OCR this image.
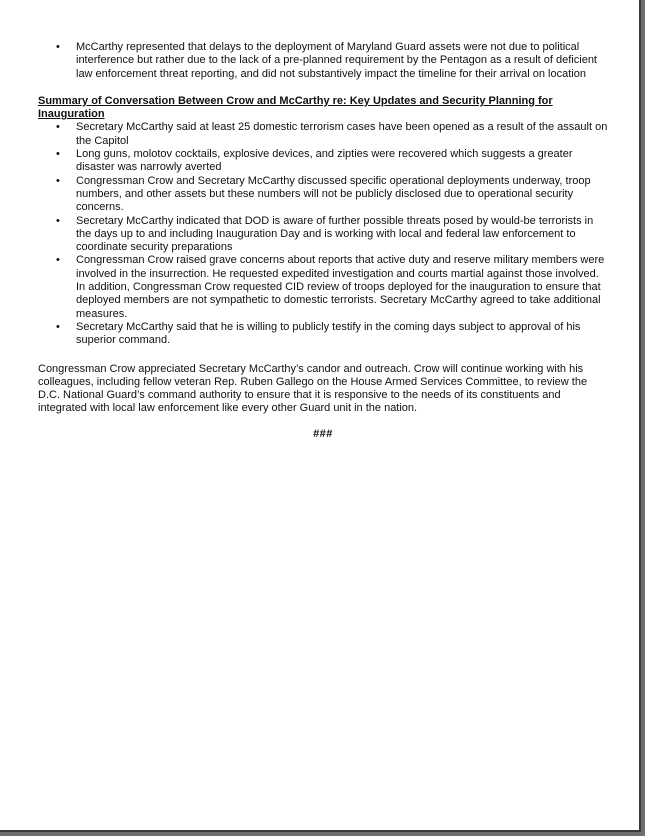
• McCarthy represented that delays to the deployment of Maryland Guard assets were not due to political interference but rather due to the lack of a pre-planned requirement by the Pentagon as a result of deficient law enforcement threat reporting, and did not substantively impact the timeline for their arrival on location
Summary of Conversation Between Crow and McCarthy re: Key Updates and Security Planning for Inauguration
• Secretary McCarthy said at least 25 domestic terrorism cases have been opened as a result of the assault on the Capitol
• Long guns, molotov cocktails, explosive devices, and zipties were recovered which suggests a greater disaster was narrowly averted
• Congressman Crow and Secretary McCarthy discussed specific operational deployments underway, troop numbers, and other assets but these numbers will not be publicly disclosed due to operational security concerns.
• Secretary McCarthy indicated that DOD is aware of further possible threats posed by would-be terrorists in the days up to and including Inauguration Day and is working with local and federal law enforcement to coordinate security preparations
• Congressman Crow raised grave concerns about reports that active duty and reserve military members were involved in the insurrection. He requested expedited investigation and courts martial against those involved. In addition, Congressman Crow requested CID review of troops deployed for the inauguration to ensure that deployed members are not sympathetic to domestic terrorists. Secretary McCarthy agreed to take additional measures.
• Secretary McCarthy said that he is willing to publicly testify in the coming days subject to approval of his superior command.

Congressman Crow appreciated Secretary McCarthy’s candor and outreach. Crow will continue working with his colleagues, including fellow veteran Rep. Ruben Gallego on the House Armed Services Committee, to review the D.C. National Guard’s command authority to ensure that it is responsive to the needs of its constituents and integrated with local law enforcement like every other Guard unit in the nation.

###
